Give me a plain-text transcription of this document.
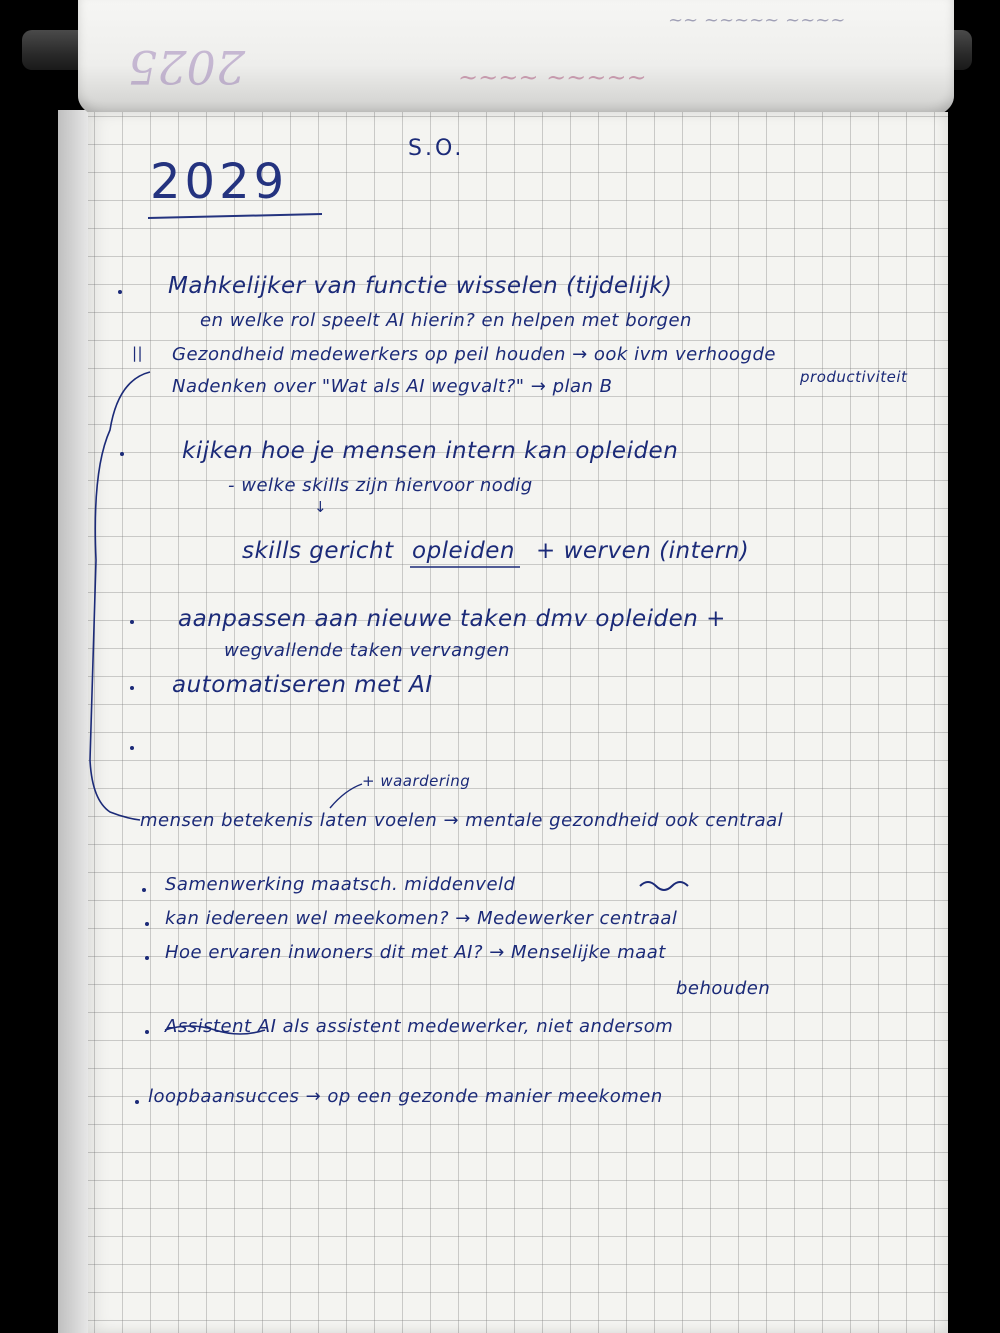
2025	~~~~~ ~~~~
~~~~ ~~~~~ ~~
S.O.
2029
Mahkelijker van functie wisselen (tijdelijk)
en welke rol speelt AI hierin? en helpen met borgen
|| Gezondheid medewerkers op peil houden → ook ivm verhoogde
productiviteit
Nadenken over "Wat als AI wegvalt?" → plan B
kijken hoe je mensen intern kan opleiden
- welke skills zijn hiervoor nodig
↓
skills gericht opleiden + werven (intern)
aanpassen aan nieuwe taken dmv opleiden +
wegvallende taken vervangen
automatiseren met AI
+ waardering
mensen betekenis laten voelen → mentale gezondheid ook centraal
Samenwerking maatsch. middenveld
kan iedereen wel meekomen? → Medewerker centraal
Hoe ervaren inwoners dit met AI? → Menselijke maat
behouden
Assistent AI als assistent medewerker, niet andersom
loopbaansucces → op een gezonde manier meekomen
